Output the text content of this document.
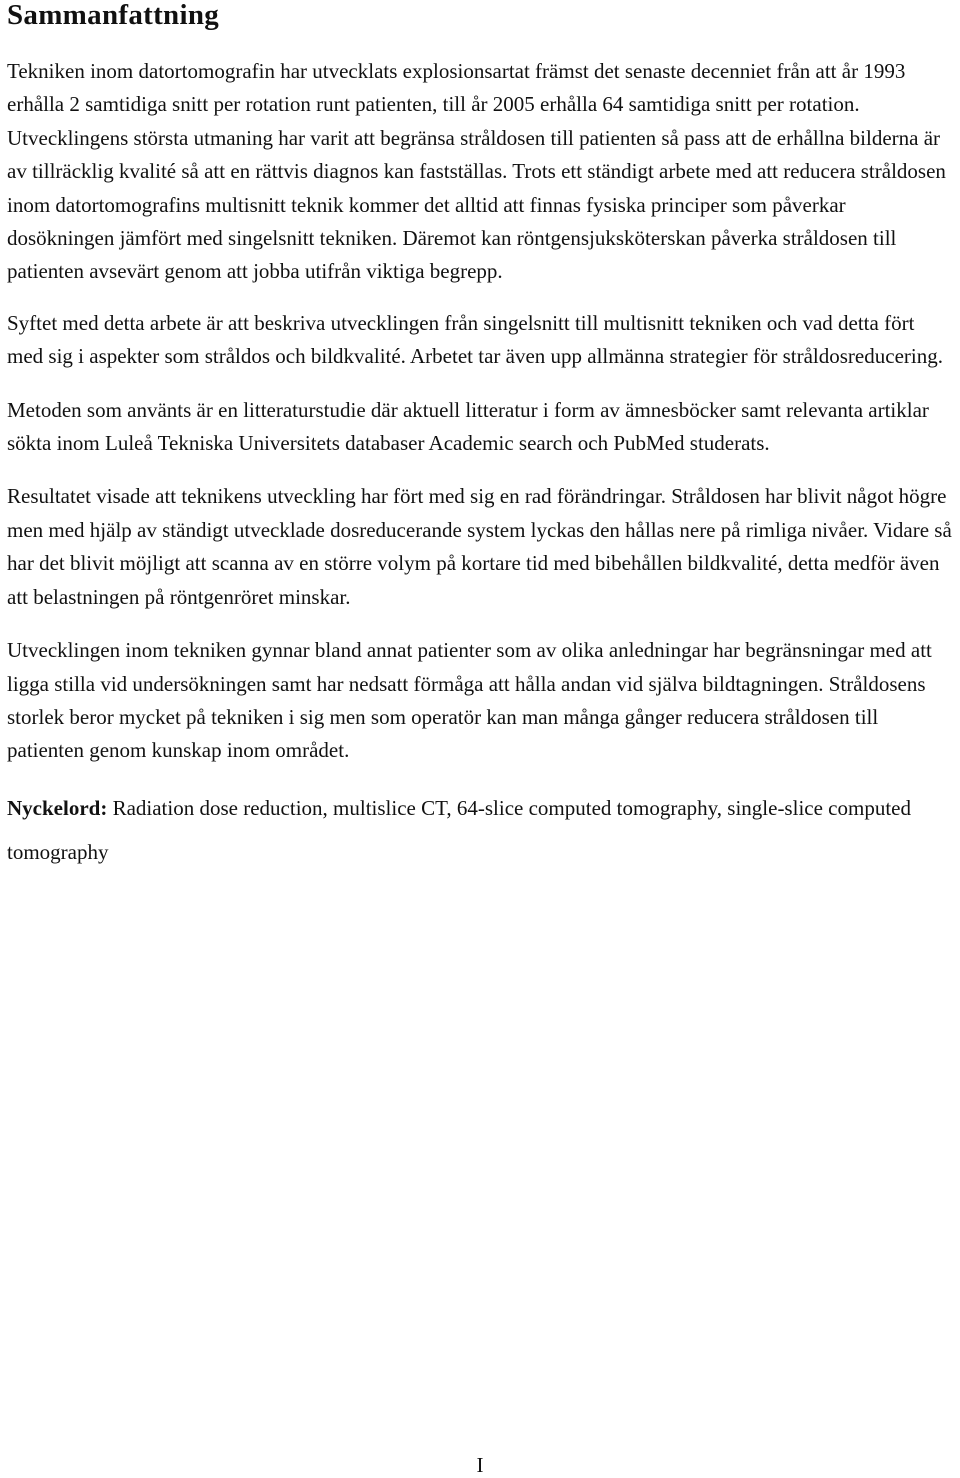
Sammanfattning

Tekniken inom datortomografin har utvecklats explosionsartat främst det senaste decenniet från att år 1993 erhålla 2 samtidiga snitt per rotation runt patienten, till år 2005 erhålla 64 samtidiga snitt per rotation. Utvecklingens största utmaning har varit att begränsa stråldosen till patienten så pass att de erhållna bilderna är av tillräcklig kvalité så att en rättvis diagnos kan fastställas. Trots ett ständigt arbete med att reducera stråldosen inom datortomografins multisnitt teknik kommer det alltid att finnas fysiska principer som påverkar dosökningen jämfört med singelsnitt tekniken. Däremot kan röntgensjuksköterskan påverka stråldosen till patienten avsevärt genom att jobba utifrån viktiga begrepp.

Syftet med detta arbete är att beskriva utvecklingen från singelsnitt till multisnitt tekniken och vad detta fört med sig i aspekter som stråldos och bildkvalité. Arbetet tar även upp allmänna strategier för stråldosreducering.

Metoden som använts är en litteraturstudie där aktuell litteratur i form av ämnesböcker samt relevanta artiklar sökta inom Luleå Tekniska Universitets databaser Academic search och PubMed studerats.

Resultatet visade att teknikens utveckling har fört med sig en rad förändringar. Stråldosen har blivit något högre men med hjälp av ständigt utvecklade dosreducerande system lyckas den hållas nere på rimliga nivåer. Vidare så har det blivit möjligt att scanna av en större volym på kortare tid med bibehållen bildkvalité, detta medför även att belastningen på röntgenröret minskar.

Utvecklingen inom tekniken gynnar bland annat patienter som av olika anledningar har begränsningar med att ligga stilla vid undersökningen samt har nedsatt förmåga att hålla andan vid själva bildtagningen. Stråldosens storlek beror mycket på tekniken i sig men som operatör kan man många gånger reducera stråldosen till patienten genom kunskap inom området.

Nyckelord: Radiation dose reduction, multislice CT, 64-slice computed tomography, single-slice computed tomography

I
